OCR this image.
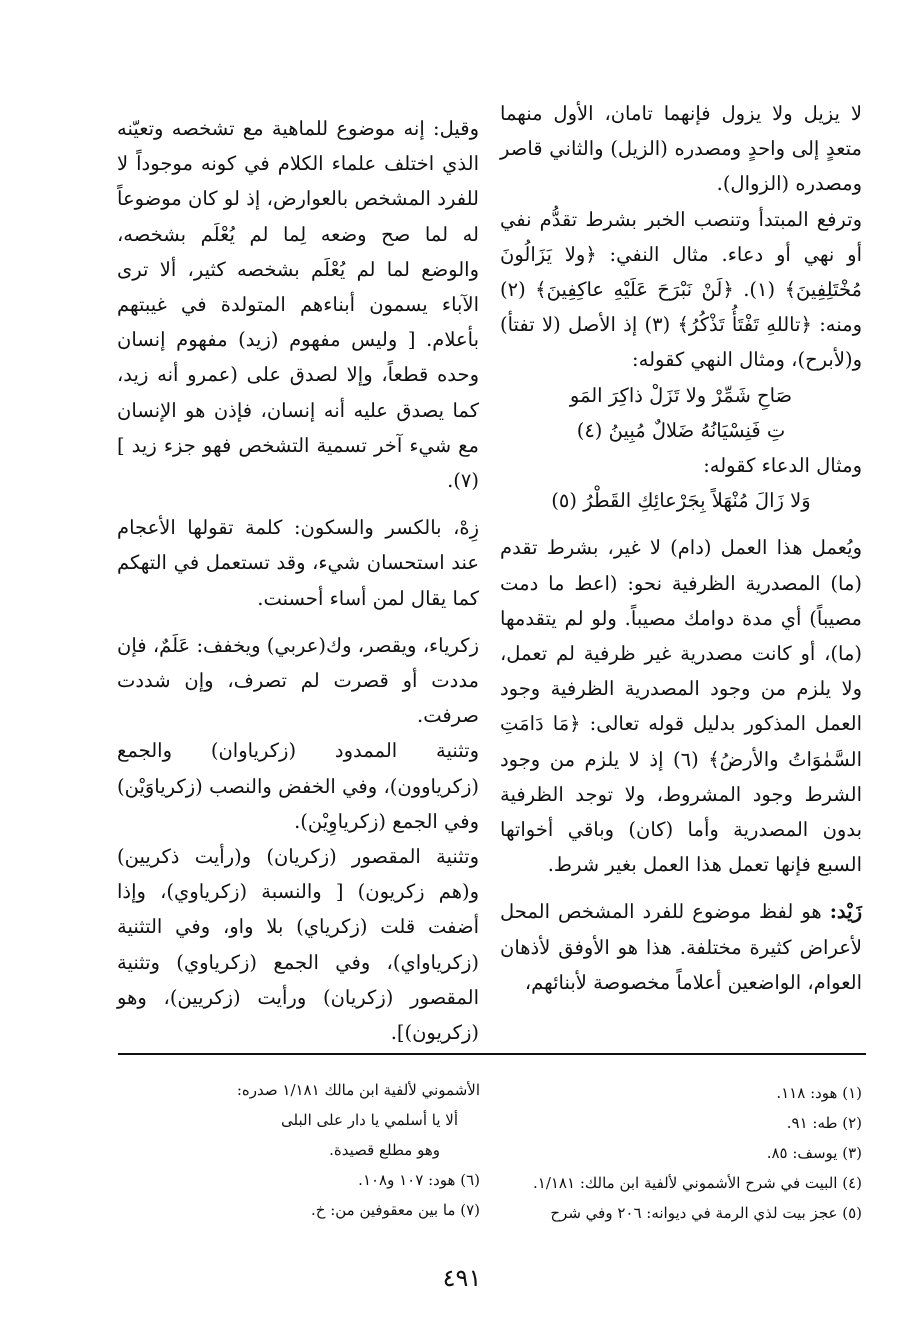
لا يزيل ولا يزول فإنهما تامان، الأول منهما متعدٍ إلى واحدٍ ومصدره (الزيل) والثاني قاصر ومصدره (الزوال).

وترفع المبتدأ وتنصب الخبر بشرط تقدُّم نفي أو نهي أو دعاء. مثال النفي: ﴿ولا يَزَالُونَ مُخْتَلِفِينَ﴾ (١). ﴿لَنْ نَبْرَحَ عَلَيْهِ عاكِفِينَ﴾ (٢) ومنه: ﴿تاللهِ تَفْتَأُ تَذْكُرُ﴾ (٣) إذ الأصل (لا تفتأ) و(لأبرح)، ومثال النهي كقوله:

صَاحِ شَمِّرْ ولا تَزَلْ ذاكِرَ المَو
تِ فَنِسْيَانُهُ ضَلالٌ مُبِينُ (٤)

ومثال الدعاء كقوله:

وَلا زَالَ مُنْهَلاً بِجَرْعائِكِ القَطْرُ (٥)

ويُعمل هذا العمل (دام) لا غير، بشرط تقدم (ما) المصدرية الظرفية نحو: (اعط ما دمت مصيباً) أي مدة دوامك مصيباً. ولو لم يتقدمها (ما)، أو كانت مصدرية غير ظرفية لم تعمل، ولا يلزم من وجود المصدرية الظرفية وجود العمل المذكور بدليل قوله تعالى: ﴿مَا دَامَتِ السَّمٰوَاتُ والأرضُ﴾ (٦) إذ لا يلزم من وجود الشرط وجود المشروط، ولا توجد الظرفية بدون المصدرية وأما (كان) وباقي أخواتها السبع فإنها تعمل هذا العمل بغير شرط.

زَيْد: هو لفظ موضوع للفرد المشخص المحل لأعراض كثيرة مختلفة. هذا هو الأوفق لأذهان العوام، الواضعين أعلاماً مخصوصة لأبنائهم،

وقيل: إنه موضوع للماهية مع تشخصه وتعيّنه الذي اختلف علماء الكلام في كونه موجوداً لا للفرد المشخص بالعوارض، إذ لو كان موضوعاً له لما صح وضعه لِما لم يُعْلَم بشخصه، والوضع لما لم يُعْلَم بشخصه كثير، ألا ترى الآباء يسمون أبناءهم المتولدة في غيبتهم بأعلام. [ وليس مفهوم (زيد) مفهوم إنسان وحده قطعاً، وإلا لصدق على (عمرو أنه زيد، كما يصدق عليه أنه إنسان، فإذن هو الإنسان مع شيء آخر تسمية التشخص فهو جزء زيد ](٧).

زِهْ، بالكسر والسكون: كلمة تقولها الأعجام عند استحسان شيء، وقد تستعمل في التهكم كما يقال لمن أساء أحسنت.

زكرياء، ويقصر، وك(عربي) ويخفف: عَلَمٌ، فإن مددت أو قصرت لم تصرف، وإن شددت صرفت.

وتثنية الممدود (زكرياوان) والجمع (زكرياوون)، وفي الخفض والنصب (زكرياوَيْن) وفي الجمع (زكرياوِيْن).

وتثنية المقصور (زكريان) و(رأيت ذكريين) و(هم زكريون) [ والنسبة (زكرياوي)، وإذا أضفت قلت (زكرياي) بلا واو، وفي التثنية (زكرياواي)، وفي الجمع (زكرياوي) وتثنية المقصور (زكريان) ورأيت (زكريين)، وهو (زكريون)].

(١) هود: ١١٨.

(٢) طه: ٩١.

(٣) يوسف: ٨٥.

(٤) البيت في شرح الأشموني لألفية ابن مالك: ١/١٨١.

(٥) عجز بيت لذي الرمة في ديوانه: ٢٠٦ وفي شرح

الأشموني لألفية ابن مالك ١/١٨١ صدره:

ألا يا أسلمي يا دار على البلى

وهو مطلع قصيدة.

(٦) هود: ١٠٧ و١٠٨.

(٧) ما بين معقوفين من: خ.

٤٩١
